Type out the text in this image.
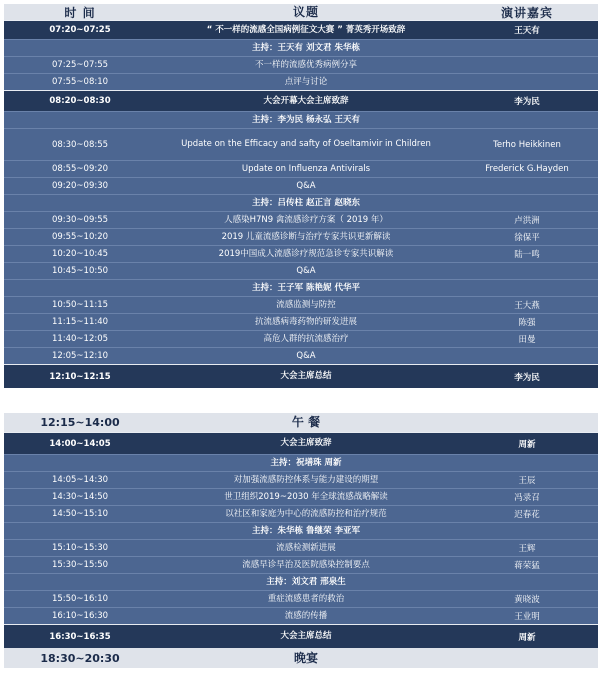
时 间	议题	演讲嘉宾
07:20~07:25	“ 不一样的流感全国病例征文大赛 ” 菁英秀开场致辞	王天有
主持：王天有 刘文君 朱华栋
07:25~07:55	不一样的流感优秀病例分享
07:55~08:10	点评与讨论
08:20~08:30	大会开幕大会主席致辞	李为民
主持：李为民 杨永弘 王天有
08:30~08:55	Update on the Efficacy and safty of Oseltamivir in Children	Terho Heikkinen
08:55~09:20	Update on Influenza Antivirals	Frederick G.Hayden
09:20~09:30	Q&A
主持：吕传柱 赵正言 赵晓东
09:30~09:55	人感染H7N9 禽流感诊疗方案（ 2019 年）	卢洪洲
09:55~10:20	2019 儿童流感诊断与治疗专家共识更新解读	徐保平
10:20~10:45	2019中国成人流感诊疗规范急诊专家共识解读	陆一鸣
10:45~10:50	Q&A
主持：王子军 陈艳妮 代华平
10:50~11:15	流感监测与防控	王大燕
11:15~11:40	抗流感病毒药物的研发进展	陈强
11:40~12:05	高危人群的抗流感治疗	田曼
12:05~12:10	Q&A
12:10~12:15	大会主席总结	李为民
12:15~14:00	午 餐
14:00~14:05	大会主席致辞	周新
主持：祝墡珠 周新
14:05~14:30	对加强流感防控体系与能力建设的期望	王辰
14:30~14:50	世卫组织2019~2030 年全球流感战略解读	冯录召
14:50~15:10	以社区和家庭为中心的流感防控和治疗规范	迟春花
主持：朱华栋 鲁继荣 李亚军
15:10~15:30	流感检测新进展	王辉
15:30~15:50	流感早诊早治及医院感染控制要点	蒋荣猛
主持：刘文君 邢泉生
15:50~16:10	重症流感患者的救治	黄晓波
16:10~16:30	流感的传播	王业明
16:30~16:35	大会主席总结	周新
18:30~20:30	晚宴
